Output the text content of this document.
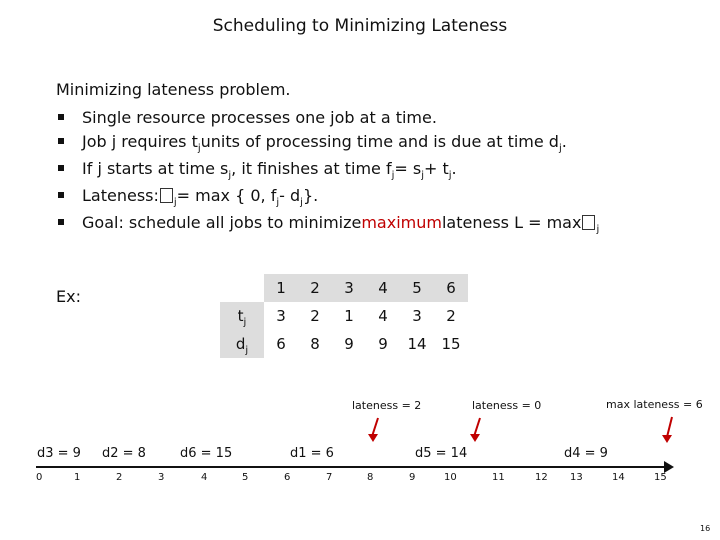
Scheduling to Minimizing Lateness
Minimizing lateness problem.
Single resource processes one job at a time.
Job j requires t j units of processing time and is due at time d j .
If j starts at time s j , it finishes at time f j = s j + t j .
Lateness: j = max { 0, f j - d j }.
Goal: schedule all jobs to minimize maximum lateness L = max j
Ex:
		1	2	3	4	5	6
$t_j$	3	2	1	4	3	2
$d_j$	6	8	9	9	14	15
lateness = 2	lateness = 0	max lateness = 6
d3 = 9 d2 = 8	d6 = 15	d1 = 6	d5 = 14	d4 = 9
0	1	2	3	4	5	6	7	8	9	10	11	12 13	14	15
16
